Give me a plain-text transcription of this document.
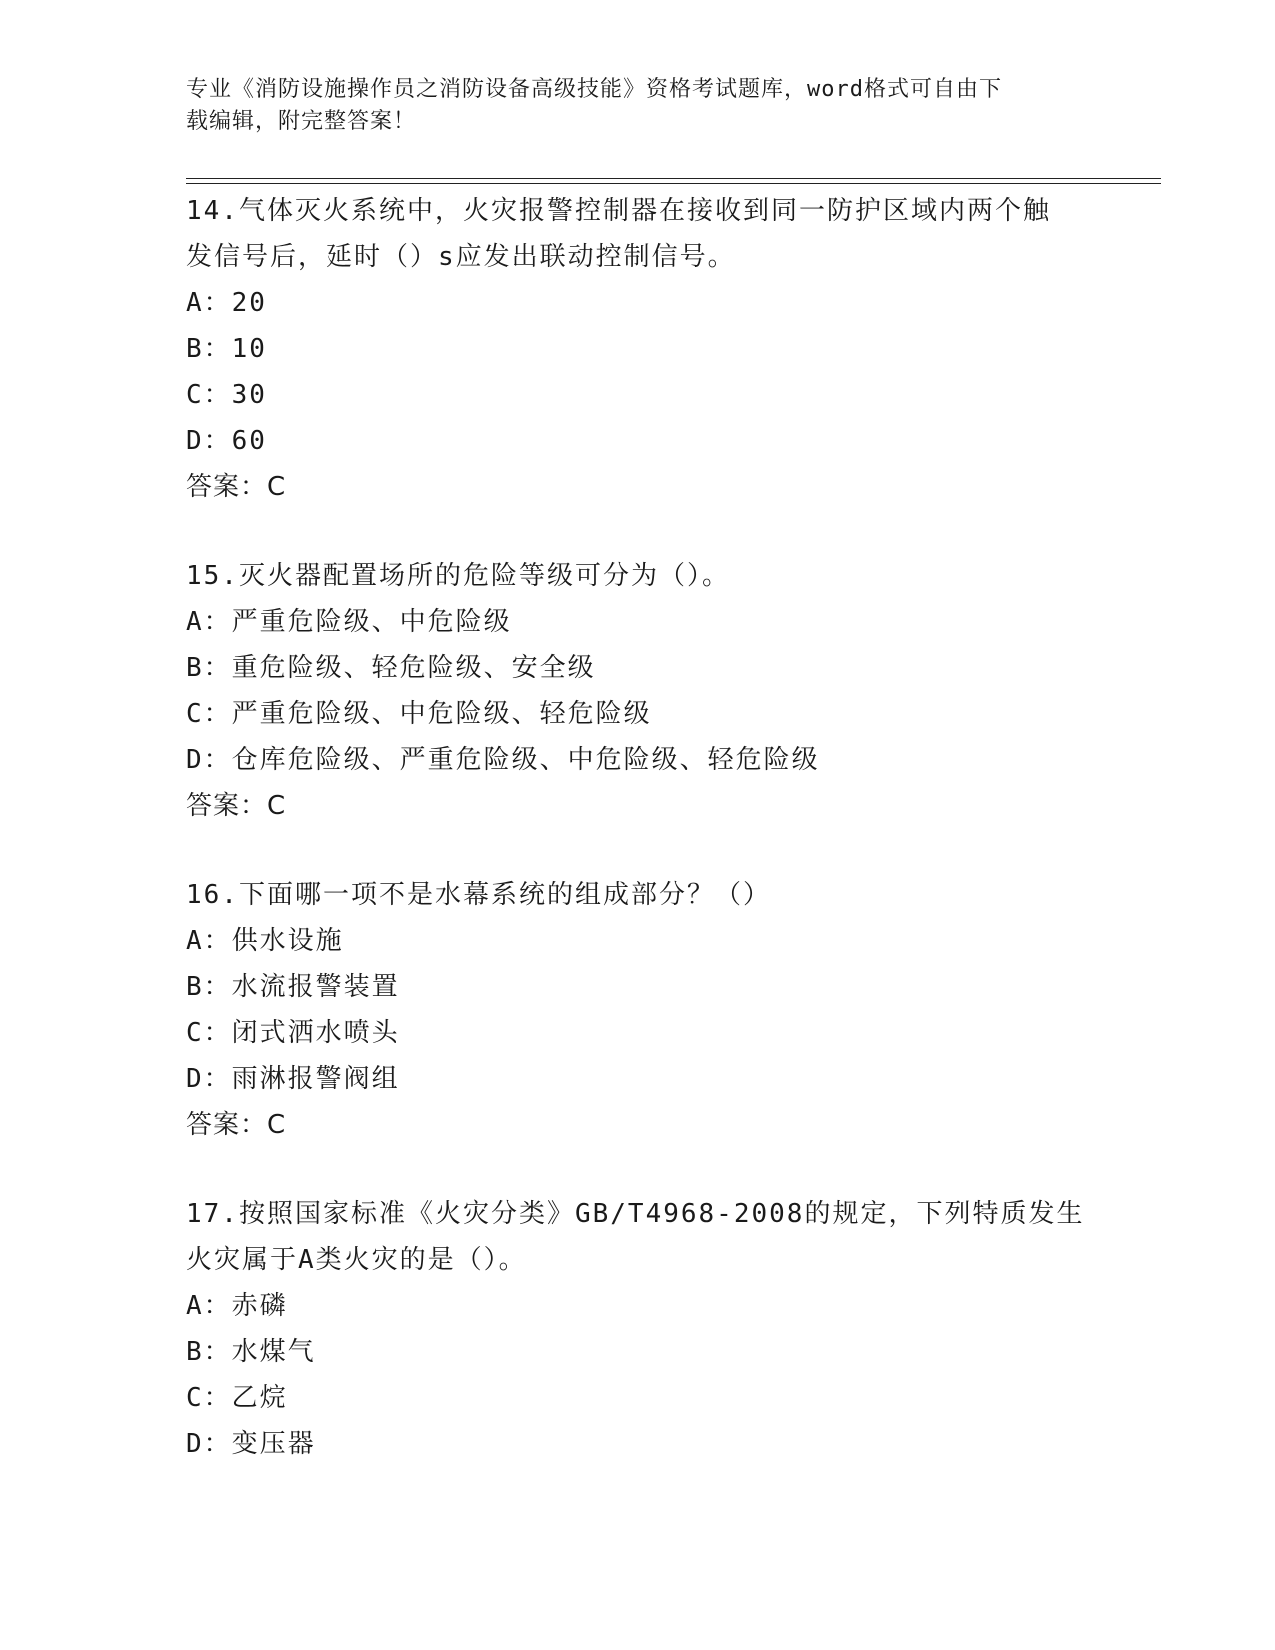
专业《消防设施操作员之消防设备高级技能》资格考试题库，word格式可自由下
载编辑，附完整答案！

14.气体灭火系统中，火灾报警控制器在接收到同一防护区域内两个触

发信号后，延时（）s应发出联动控制信号。

A：20

B：10

C：30

D：60

答案：C

15.灭火器配置场所的危险等级可分为（）。

A：严重危险级、中危险级

B：重危险级、轻危险级、安全级

C：严重危险级、中危险级、轻危险级

D：仓库危险级、严重危险级、中危险级、轻危险级

答案：C

16.下面哪一项不是水幕系统的组成部分？（）

A：供水设施

B：水流报警装置

C：闭式洒水喷头

D：雨淋报警阀组

答案：C

17.按照国家标准《火灾分类》GB/T4968-2008的规定，下列特质发生

火灾属于A类火灾的是（）。

A：赤磷

B：水煤气

C：乙烷

D：变压器
